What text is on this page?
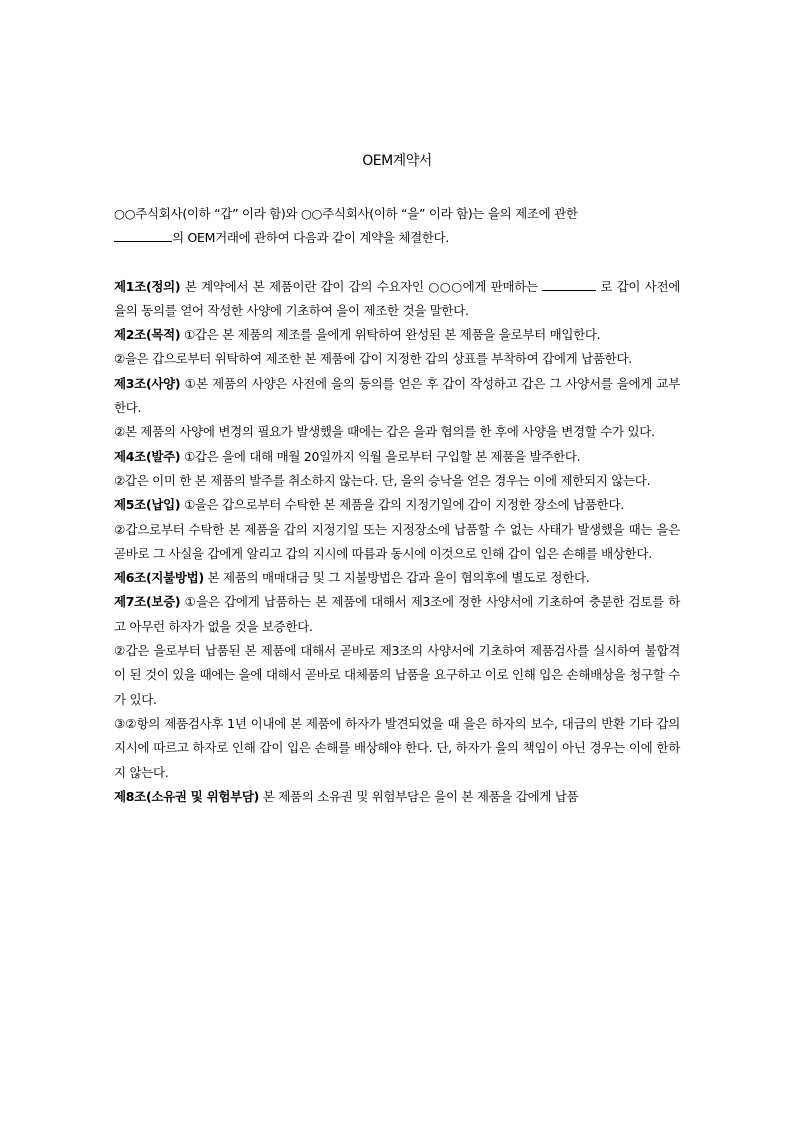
OEM계약서

○○주식회사(이하 “갑” 이라 함)와 ○○주식회사(이하 “을” 이라 함)는 을의 제조에 관한
의 OEM거래에 관하여 다음과 같이 계약을 체결한다.

제1조(정의) 본 계약에서 본 제품이란 갑이 갑의 수요자인 ○○○에게 판매하는	로 갑이 사전에 을의 동의를 얻어 작성한 사양에 기초하여 을이 제조한 것을 말한다.

제2조(목적) ①갑은 본 제품의 제조를 을에게 위탁하여 완성된 본 제품을 을로부터 매입한다.

②을은 갑으로부터 위탁하여 제조한 본 제품에 갑이 지정한 갑의 상표를 부착하여 갑에게 납품한다.

제3조(사양) ①본 제품의 사양은 사전에 을의 동의를 얻은 후 갑이 작성하고 갑은 그 사양서를 을에게 교부한다.

②본 제품의 사양에 변경의 필요가 발생했을 때에는 갑은 을과 협의를 한 후에 사양을 변경할 수가 있다.

제4조(발주) ①갑은 을에 대해 매월 20일까지 익월 을로부터 구입할 본 제품을 발주한다.

②갑은 이미 한 본 제품의 발주를 취소하지 않는다. 단, 을의 승낙을 얻은 경우는 이에 제한되지 않는다.

제5조(납입) ①을은 갑으로부터 수탁한 본 제품을 갑의 지정기일에 갑이 지정한 장소에 납품한다.

②갑으로부터 수탁한 본 제품을 갑의 지정기일 또는 지정장소에 납품할 수 없는 사태가 발생했을 때는 을은 곧바로 그 사실을 갑에게 알리고 갑의 지시에 따름과 동시에 이것으로 인해 갑이 입은 손해를 배상한다.

제6조(지불방법) 본 제품의 매매대금 및 그 지불방법은 갑과 을이 협의후에 별도로 정한다.

제7조(보증) ①을은 갑에게 납품하는 본 제품에 대해서 제3조에 정한 사양서에 기초하여 충분한 검토를 하고 아무런 하자가 없을 것을 보증한다.

②갑은 을로부터 납품된 본 제품에 대해서 곧바로 제3조의 사양서에 기초하여 제품검사를 실시하여 불합격이 된 것이 있을 때에는 을에 대해서 곧바로 대체품의 납품을 요구하고 이로 인해 입은 손해배상을 청구할 수가 있다.

③②항의 제품검사후 1년 이내에 본 제품에 하자가 발견되었을 때 을은 하자의 보수, 대금의 반환 기타 갑의 지시에 따르고 하자로 인해 갑이 입은 손해를 배상해야 한다. 단, 하자가 을의 책임이 아닌 경우는 이에 한하지 않는다.

제8조(소유권 및 위험부담) 본 제품의 소유권 및 위험부담은 을이 본 제품을 갑에게 납품
